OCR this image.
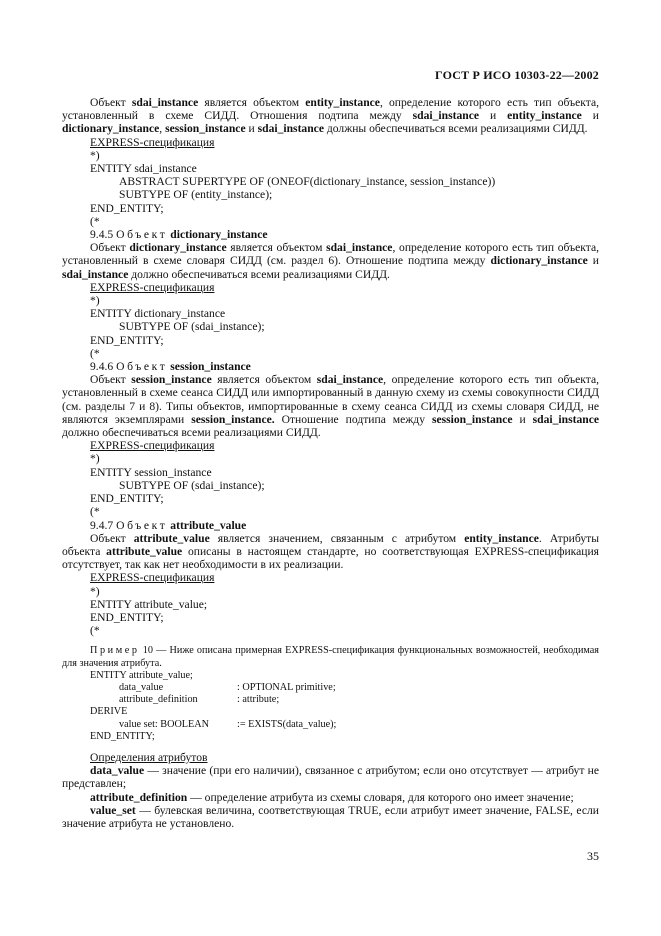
ГОСТ Р ИСО 10303-22—2002

Объект sdai_instance является объектом entity_instance, определение которого есть тип объекта, установленный в схеме СИДД. Отношения подтипа между sdai_instance и entity_instance и dictionary_instance, session_instance и sdai_instance должны обеспечиваться всеми реализациями СИДД.

EXPRESS-спецификация

*)

ENTITY sdai_instance

ABSTRACT SUPERTYPE OF (ONEOF(dictionary_instance, session_instance))

SUBTYPE OF (entity_instance);

END_ENTITY;

(*

9.4.5 Объект dictionary_instance

Объект dictionary_instance является объектом sdai_instance, определение которого есть тип объекта, установленный в схеме словаря СИДД (см. раздел 6). Отношение подтипа между dictionary_instance и sdai_instance должно обеспечиваться всеми реализациями СИДД.

EXPRESS-спецификация

*)

ENTITY dictionary_instance

SUBTYPE OF (sdai_instance);

END_ENTITY;

(*

9.4.6 Объект session_instance

Объект session_instance является объектом sdai_instance, определение которого есть тип объекта, установленный в схеме сеанса СИДД или импортированный в данную схему из схемы совокупности СИДД (см. разделы 7 и 8). Типы объектов, импортированные в схему сеанса СИДД из схемы словаря СИДД, не являются экземплярами session_instance. Отношение подтипа между session_instance и sdai_instance должно обеспечиваться всеми реализациями СИДД.

EXPRESS-спецификация

*)

ENTITY session_instance

SUBTYPE OF (sdai_instance);

END_ENTITY;

(*

9.4.7 Объект attribute_value

Объект attribute_value является значением, связанным с атрибутом entity_instance. Атрибуты объекта attribute_value описаны в настоящем стандарте, но соответствующая EXPRESS-спецификация отсутствует, так как нет необходимости в их реализации.

EXPRESS-спецификация

*)

ENTITY attribute_value;

END_ENTITY;

(*

Пример 10 — Ниже описана примерная EXPRESS-спецификация функциональных возможностей, необходимая для значения атрибута.

ENTITY attribute_value;

data_value	: OPTIONAL primitive;
attribute_definition	: attribute;

DERIVE

value set: BOOLEAN	:= EXISTS(data_value);

END_ENTITY;

Определения атрибутов

data_value — значение (при его наличии), связанное с атрибутом; если оно отсутствует — атрибут не представлен;

attribute_definition — определение атрибута из схемы словаря, для которого оно имеет значение;

value_set — булевская величина, соответствующая TRUE, если атрибут имеет значение, FALSE, если значение атрибута не установлено.

35
